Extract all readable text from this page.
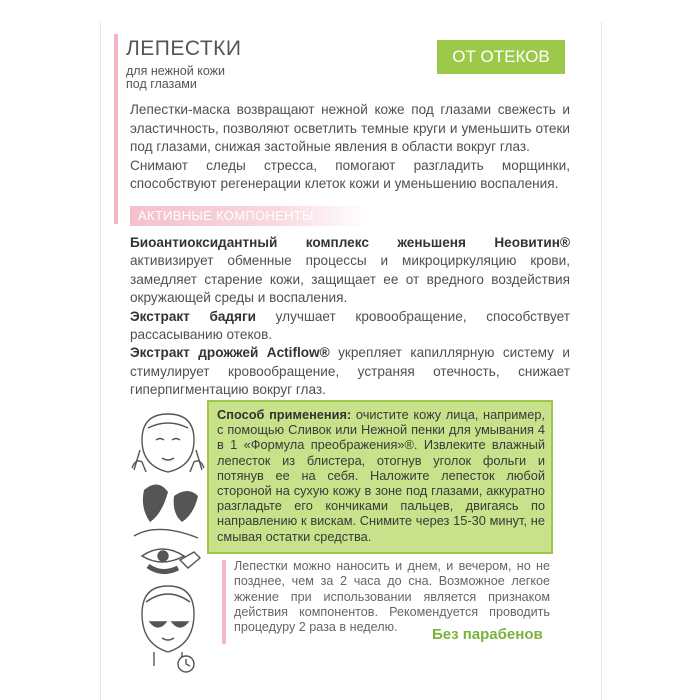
ЛЕПЕСТКИ
для нежной кожи
под глазами
ОТ ОТЕКОВ
Лепестки-маска возвращают нежной коже под глазами свежесть и эластичность, позволяют осветлить темные круги и уменьшить отеки под глазами, снижая застойные явления в области вокруг глаз.
Снимают следы стресса, помогают разгладить морщинки, способствуют регенерации клеток кожи и уменьшению воспаления.
АКТИВНЫЕ КОМПОНЕНТЫ
Биоантиоксидантный комплекс женьшеня Неовитин® активизирует обменные процессы и микроциркуляцию крови, замедляет старение кожи, защищает ее от вредного воздействия окружающей среды и воспаления.
Экстракт бадяги улучшает кровообращение, способствует рассасыванию отеков.
Экстракт дрожжей Actiflow® укрепляет капиллярную систему и стимулирует кровообращение, устраняя отечность, снижает гиперпигментацию вокруг глаз.
Способ применения: очистите кожу лица, например, с помощью Сливок или Нежной пенки для умывания 4 в 1 «Формула преображения»®. Извлеките влажный лепесток из блистера, отогнув уголок фольги и потянув ее на себя. Наложите лепесток любой стороной на сухую кожу в зоне под глазами, аккуратно разгладьте его кончиками пальцев, двигаясь по направлению к вискам. Снимите через 15-30 минут, не смывая остатки средства.
Лепестки можно наносить и днем, и вечером, но не позднее, чем за 2 часа до сна. Возможное легкое жжение при использовании является признаком действия компонентов. Рекомендуется проводить процедуру 2 раза в неделю.	Без парабенов
